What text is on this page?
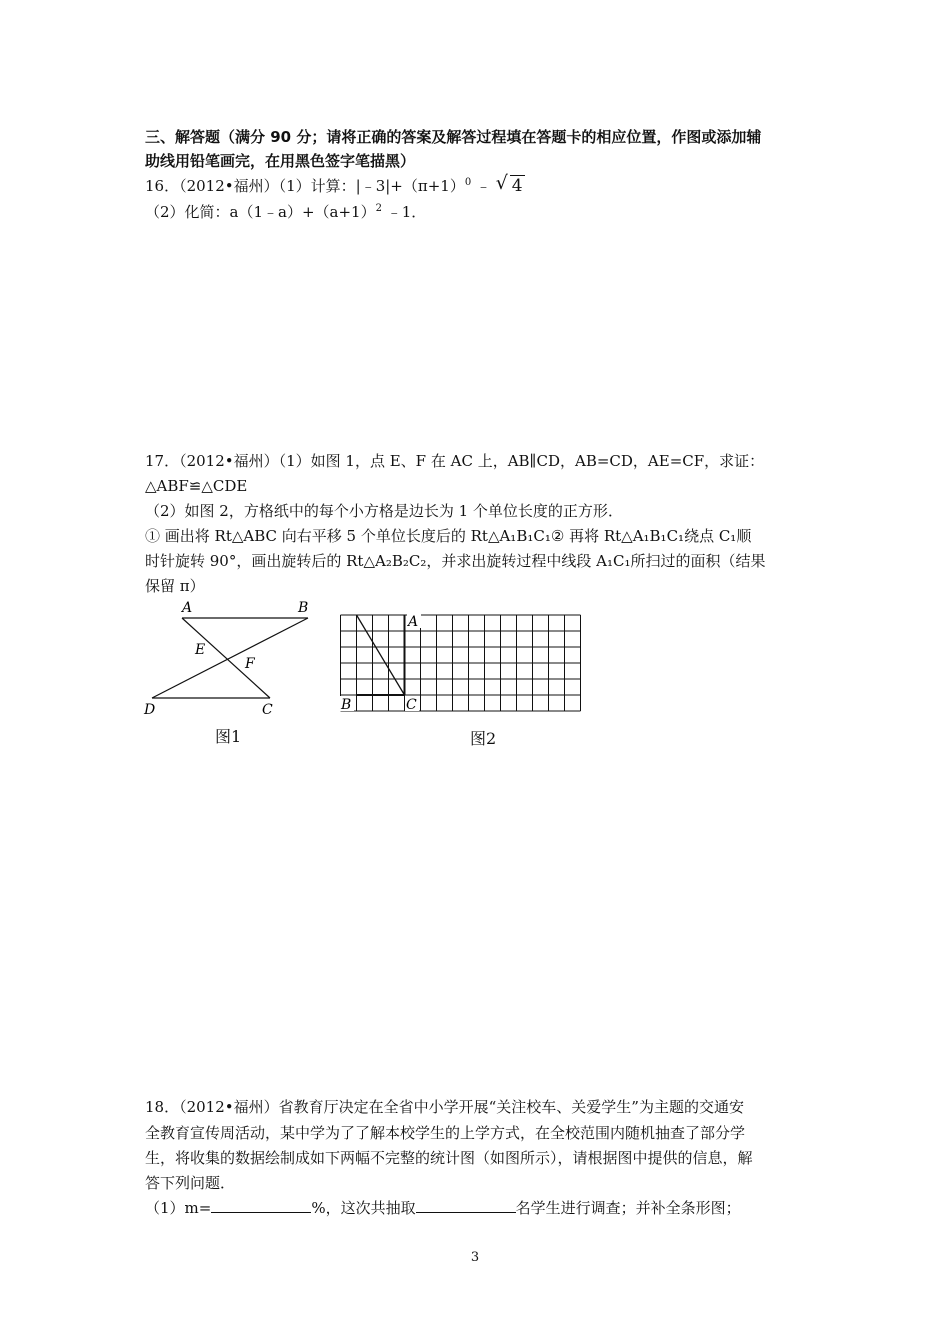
三、解答题（满分 90 分；请将正确的答案及解答过程填在答题卡的相应位置，作图或添加辅
助线用铅笔画完，在用黑色签字笔描黑）
16．（2012•福州）（1）计算：$|﹣3|+(\pi+1)^0$ ﹣ √ 4
（2）化简：$a(1﹣a)+(a+1)^2$ ﹣1．
17．（2012•福州）（1）如图 1，点 E、F 在 AC 上，AB∥CD，AB=CD，AE=CF，求证：
△ABF≌△CDE
（2）如图 2，方格纸中的每个小方格是边长为 1 个单位长度的正方形．
① 画出将 Rt△ABC 向右平移 5 个单位长度后的 Rt△A₁B₁C₁② 再将 Rt△A₁B₁C₁绕点 C₁顺
时针旋转 90°，画出旋转后的 Rt△A₂B₂C₂，并求出旋转过程中线段 A₁C₁所扫过的面积（结果
保留 π）
A	B
E
F
D	C
图1
A
B	C
图2
18．（2012•福州）省教育厅决定在全省中小学开展“关注校车、关爱学生”为主题的交通安
全教育宣传周活动，某中学为了了解本校学生的上学方式，在全校范围内随机抽查了部分学
生，将收集的数据绘制成如下两幅不完整的统计图（如图所示），请根据图中提供的信息，解
答下列问题．
（1）m=	%，这次共抽取	名学生进行调查；并补全条形图；
3
